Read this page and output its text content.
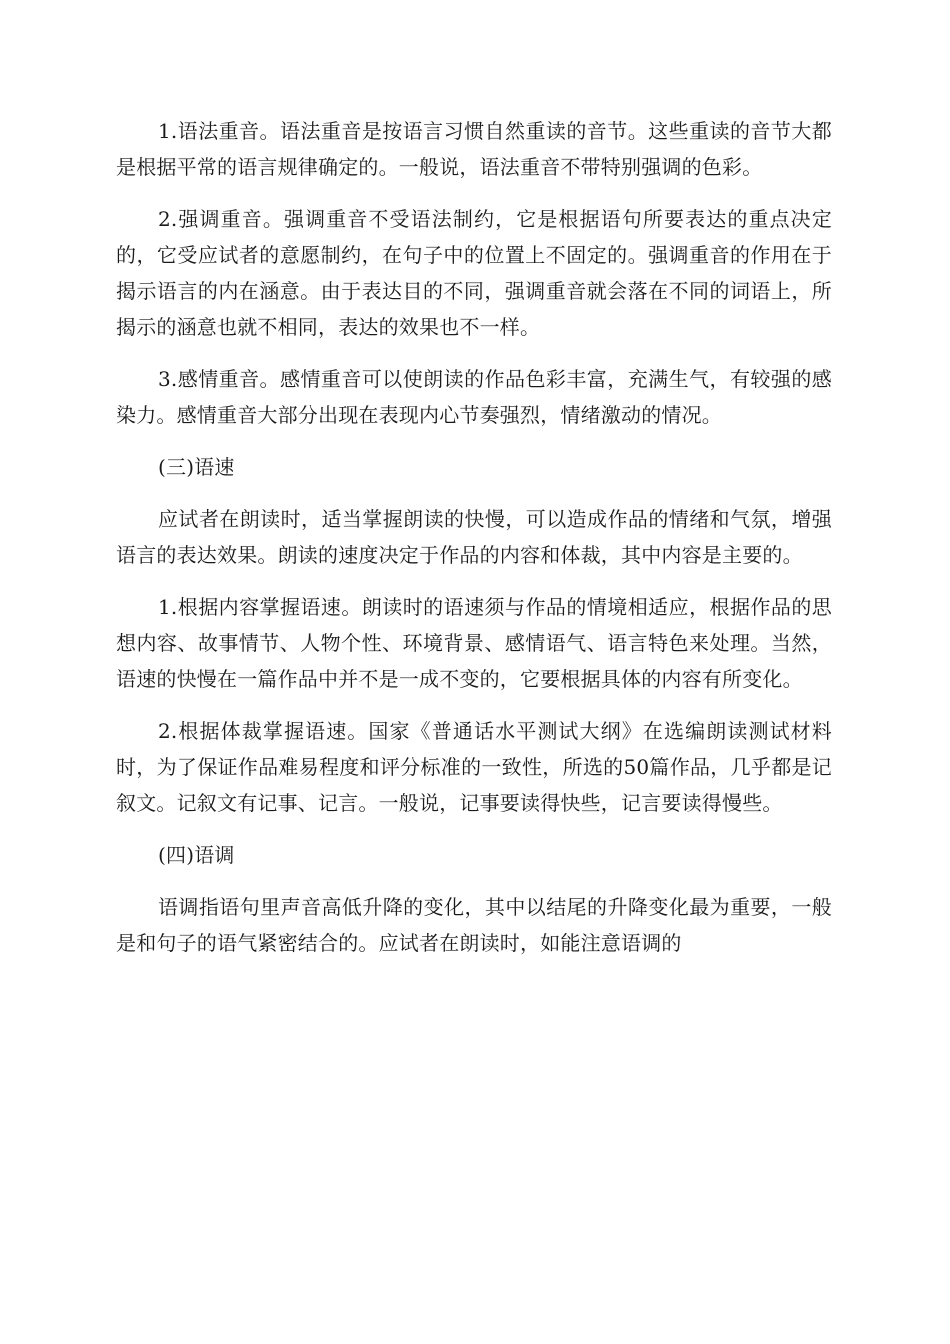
1.语法重音。语法重音是按语言习惯自然重读的音节。这些重读的音节大都是根据平常的语言规律确定的。一般说，语法重音不带特别强调的色彩。

2.强调重音。强调重音不受语法制约，它是根据语句所要表达的重点决定的，它受应试者的意愿制约，在句子中的位置上不固定的。强调重音的作用在于揭示语言的内在涵意。由于表达目的不同，强调重音就会落在不同的词语上，所揭示的涵意也就不相同，表达的效果也不一样。

3.感情重音。感情重音可以使朗读的作品色彩丰富，充满生气，有较强的感染力。感情重音大部分出现在表现内心节奏强烈，情绪激动的情况。

(三)语速

应试者在朗读时，适当掌握朗读的快慢，可以造成作品的情绪和气氛，增强语言的表达效果。朗读的速度决定于作品的内容和体裁，其中内容是主要的。

1.根据内容掌握语速。朗读时的语速须与作品的情境相适应，根据作品的思想内容、故事情节、人物个性、环境背景、感情语气、语言特色来处理。当然，语速的快慢在一篇作品中并不是一成不变的，它要根据具体的内容有所变化。

2.根据体裁掌握语速。国家《普通话水平测试大纲》在选编朗读测试材料时，为了保证作品难易程度和评分标准的一致性，所选的50篇作品，几乎都是记叙文。记叙文有记事、记言。一般说，记事要读得快些，记言要读得慢些。

(四)语调

语调指语句里声音高低升降的变化，其中以结尾的升降变化最为重要，一般是和句子的语气紧密结合的。应试者在朗读时，如能注意语调的
